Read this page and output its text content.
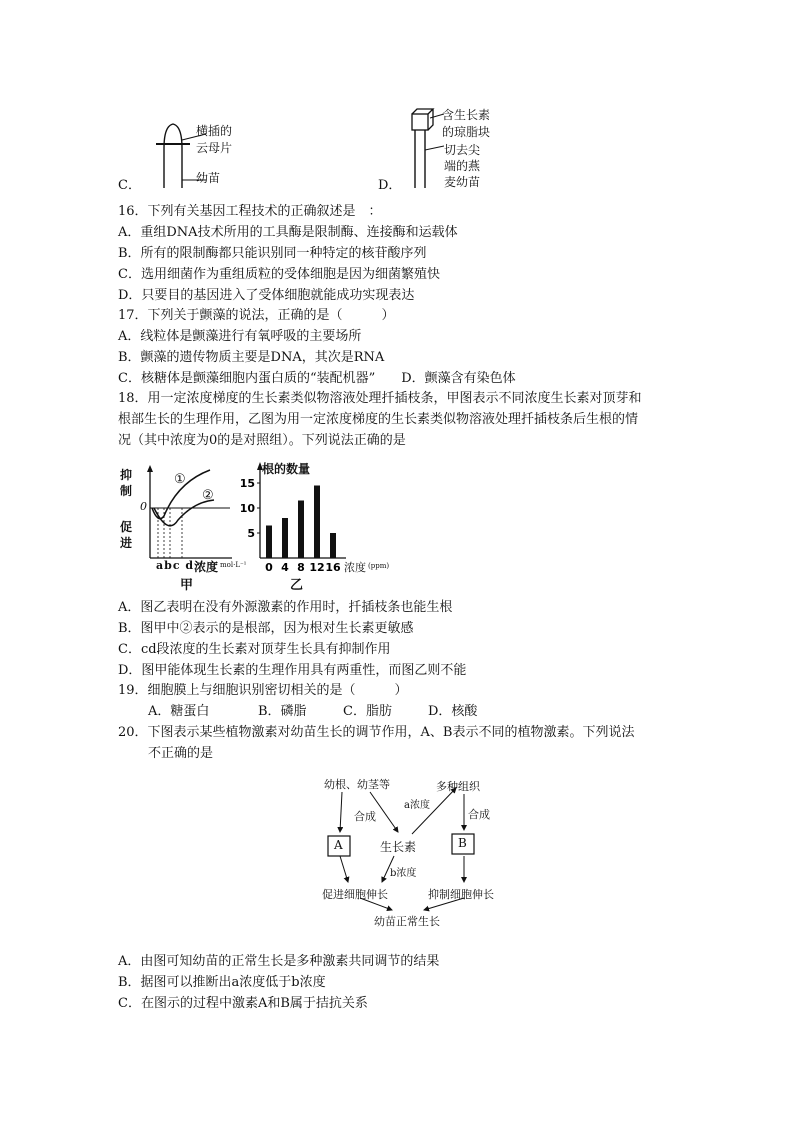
C．
横插的
云母片
幼苗	D．
含生长素
的琼脂块
切去尖
端的燕
麦幼苗
16．下列有关基因工程技术的正确叙述是　：
A．重组DNA技术所用的工具酶是限制酶、连接酶和运载体
B．所有的限制酶都只能识别同一种特定的核苷酸序列
C．选用细菌作为重组质粒的受体细胞是因为细菌繁殖快
D．只要目的基因进入了受体细胞就能成功实现表达
17．下列关于颤藻的说法，正确的是（　　　）
A．线粒体是颤藻进行有氧呼吸的主要场所
B．颤藻的遗传物质主要是DNA，其次是RNA
C．核糖体是颤藻细胞内蛋白质的“装配机器”　　D．颤藻含有染色体
18．用一定浓度梯度的生长素类似物溶液处理扦插枝条，甲图表示不同浓度生长素对顶芽和
根部生长的生理作用，乙图为用一定浓度梯度的生长素类似物溶液处理扦插枝条后生根的情
况（其中浓度为0的是对照组）。下列说法正确的是
抑
制
0
促
进
①
②
abc d 浓度 mol·L⁻¹
甲
5
10
15
0 4 8 12 16
根的数量
浓度 (ppm)
乙
A．图乙表明在没有外源激素的作用时，扦插枝条也能生根
B．图甲中②表示的是根部，因为根对生长素更敏感
C．cd段浓度的生长素对顶芽生长具有抑制作用
D．图甲能体现生长素的生理作用具有两重性，而图乙则不能
19．细胞膜上与细胞识别密切相关的是（　　　）
A．糖蛋白	B．磷脂	C．脂肪	D．核酸
20．下图表示某些植物激素对幼苗生长的调节作用，A、B表示不同的植物激素。下列说法
不正确的是
幼根、幼茎等
合成
a浓度
多种组织
合成
A	生长素	B
b浓度
促进细胞伸长	抑制细胞伸长
幼苗正常生长
A．由图可知幼苗的正常生长是多种激素共同调节的结果
B．据图可以推断出a浓度低于b浓度
C．在图示的过程中激素A和B属于拮抗关系
